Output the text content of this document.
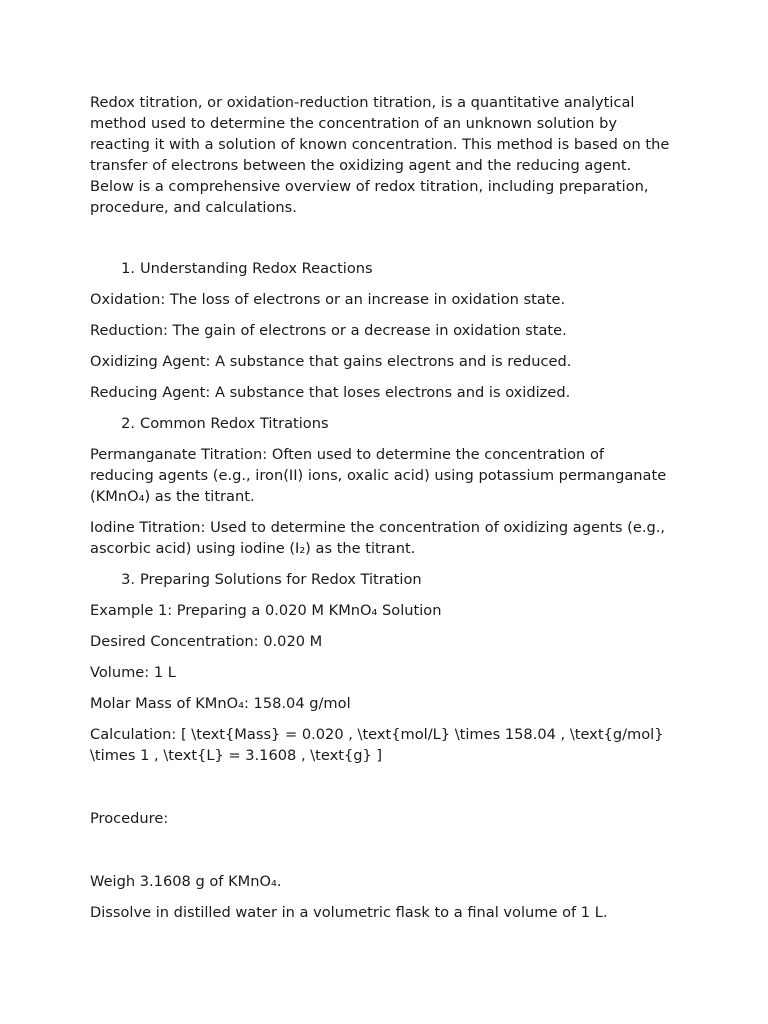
Redox titration, or oxidation-reduction titration, is a quantitative analytical method used to determine the concentration of an unknown solution by reacting it with a solution of known concentration. This method is based on the transfer of electrons between the oxidizing agent and the reducing agent. Below is a comprehensive overview of redox titration, including preparation, procedure, and calculations.

1. Understanding Redox Reactions

Oxidation: The loss of electrons or an increase in oxidation state.

Reduction: The gain of electrons or a decrease in oxidation state.

Oxidizing Agent: A substance that gains electrons and is reduced.

Reducing Agent: A substance that loses electrons and is oxidized.

2. Common Redox Titrations

Permanganate Titration: Often used to determine the concentration of reducing agents (e.g., iron(II) ions, oxalic acid) using potassium permanganate (KMnO₄) as the titrant.

Iodine Titration: Used to determine the concentration of oxidizing agents (e.g., ascorbic acid) using iodine (I₂) as the titrant.

3. Preparing Solutions for Redox Titration

Example 1: Preparing a 0.020 M KMnO₄ Solution

Desired Concentration: 0.020 M

Volume: 1 L

Molar Mass of KMnO₄: 158.04 g/mol

Calculation: [ \text{Mass} = 0.020 , \text{mol/L} \times 158.04 , \text{g/mol} \times 1 , \text{L} = 3.1608 , \text{g} ]

Procedure:

Weigh 3.1608 g of KMnO₄.

Dissolve in distilled water in a volumetric flask to a final volume of 1 L.
